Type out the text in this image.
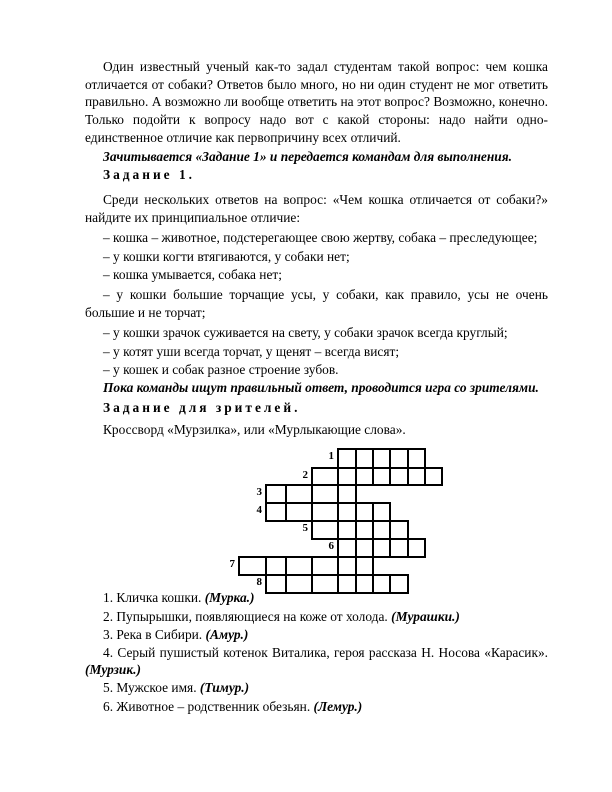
Один известный ученый как-то задал студентам такой вопрос: чем кошка
отличается от собаки? Ответов было много, но ни один студент не мог ответить
правильно. А возможно ли вообще ответить на этот вопрос? Возможно, конечно.
Только подойти к вопросу надо вот с какой стороны: надо найти одно-
единственное отличие как первопричину всех отличий.
Зачитывается «Задание 1» и передается командам для выполнения.
Задание 1.
Среди нескольких ответов на вопрос: «Чем кошка отличается от собаки?»
найдите их принципиальное отличие:
– кошка – животное, подстерегающее свою жертву, собака – преследующее;
– у кошки когти втягиваются, у собаки нет;
– кошка умывается, собака нет;
– у кошки большие торчащие усы, у собаки, как правило, усы не очень
большие и не торчат;
– у кошки зрачок суживается на свету, у собаки зрачок всегда круглый;
– у котят уши всегда торчат, у щенят – всегда висят;
– у кошек и собак разное строение зубов.
Пока команды ищут правильный ответ, проводится игра со зрителями.
Задание для зрителей.
Кроссворд «Мурзилка», или «Мурлыкающие слова».
1
2
3
4
5
6
7
8
1. Кличка кошки. (Мурка.)
2. Пупырышки, появляющиеся на коже от холода. (Мурашки.)
3. Река в Сибири. (Амур.)
4. Серый пушистый котенок Виталика, героя рассказа Н. Носова «Карасик».
(Мурзик.)
5. Мужское имя. (Тимур.)
6. Животное – родственник обезьян. (Лемур.)
